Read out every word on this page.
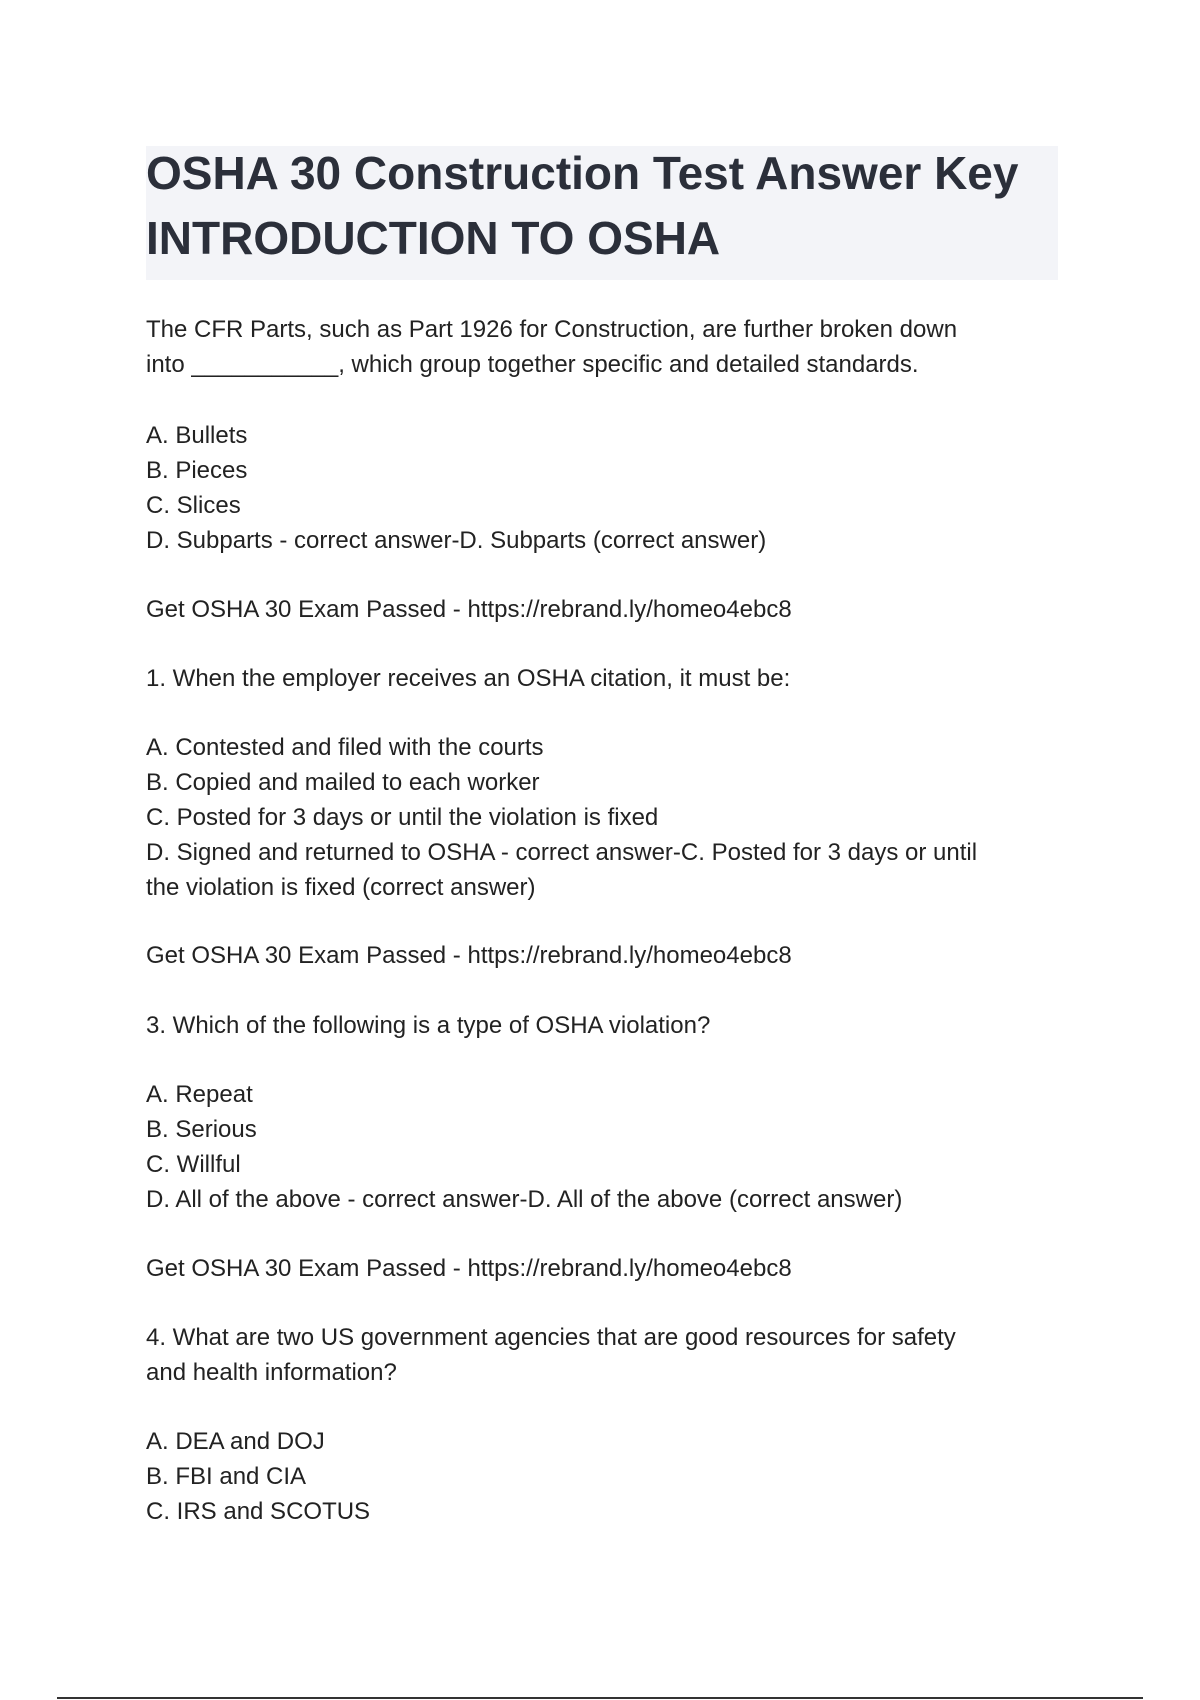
OSHA 30 Construction Test Answer Key
INTRODUCTION TO OSHA
The CFR Parts, such as Part 1926 for Construction, are further broken down
into ___________, which group together specific and detailed standards.
A. Bullets
B. Pieces
C. Slices
D. Subparts - correct answer-D. Subparts (correct answer)
Get OSHA 30 Exam Passed - https://rebrand.ly/homeo4ebc8
1. When the employer receives an OSHA citation, it must be:
A. Contested and filed with the courts
B. Copied and mailed to each worker
C. Posted for 3 days or until the violation is fixed
D. Signed and returned to OSHA - correct answer-C. Posted for 3 days or until
the violation is fixed (correct answer)
Get OSHA 30 Exam Passed - https://rebrand.ly/homeo4ebc8
3. Which of the following is a type of OSHA violation?
A. Repeat
B. Serious
C. Willful
D. All of the above - correct answer-D. All of the above (correct answer)
Get OSHA 30 Exam Passed - https://rebrand.ly/homeo4ebc8
4. What are two US government agencies that are good resources for safety
and health information?
A. DEA and DOJ
B. FBI and CIA
C. IRS and SCOTUS
